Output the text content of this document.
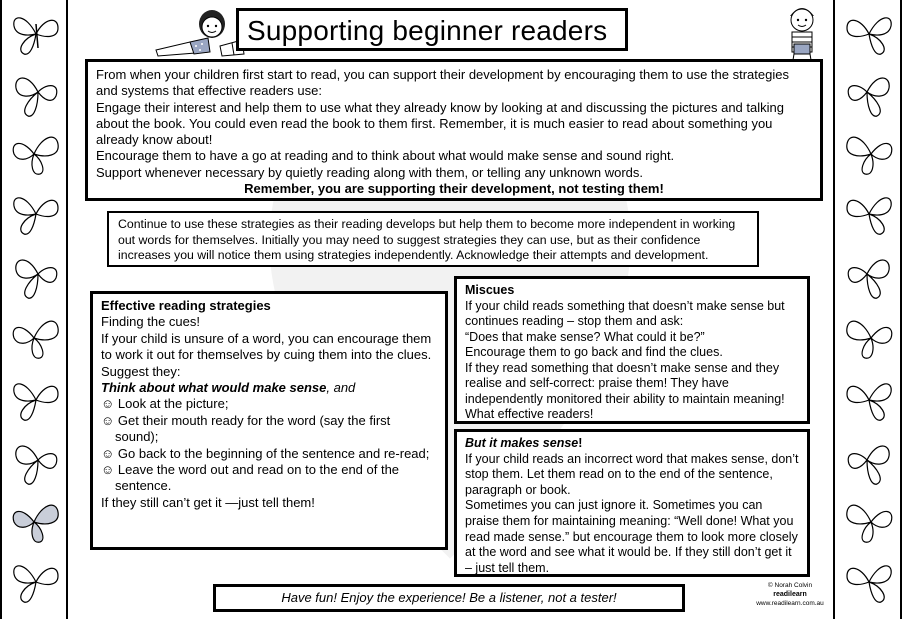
Supporting beginner readers

From when your children first start to read, you can support their development by encouraging them to use the strategies and systems that effective readers use:

Engage their interest and help them to use what they already know by looking at and discussing the pictures and talking about the book. You could even read the book to them first. Remember, it is much easier to read about something you already know about!

Encourage them to have a go at reading and to think about what would make sense and sound right.

Support whenever necessary by quietly reading along with them, or telling any unknown words.

Remember, you are supporting their development, not testing them!

Continue to use these strategies as their reading develops but help them to become more independent in working out words for themselves. Initially you may need to suggest strategies they can use, but as their confidence increases you will notice them using strategies independently. Acknowledge their attempts and development.

Effective reading strategies

Finding the cues!

If your child is unsure of a word, you can encourage them to work it out for themselves by cuing them into the clues.

Suggest they:

Think about what would make sense, and

☺ Look at the picture;

☺ Get their mouth ready for the word (say the first sound);

☺ Go back to the beginning of the sentence and re-read;

☺ Leave the word out and read on to the end of the sentence.

If they still can’t get it —just tell them!

Miscues

If your child reads something that doesn’t make sense but continues reading – stop them and ask:

“Does that make sense? What could it be?”

Encourage them to go back and find the clues.

If they read something that doesn’t make sense and they realise and self-correct: praise them! They have independently monitored their ability to maintain meaning! What effective readers!

But it makes sense!

If your child reads an incorrect word that makes sense, don’t stop them. Let them read on to the end of the sentence, paragraph or book.

Sometimes you can just ignore it. Sometimes you can praise them for maintaining meaning: “Well done! What you read made sense.” but encourage them to look more closely at the word and see what it would be. If they still don’t get it – just tell them.

Have fun! Enjoy the experience! Be a listener, not a tester!
© Norah Colvin
readilearn
www.readilearn.com.au
